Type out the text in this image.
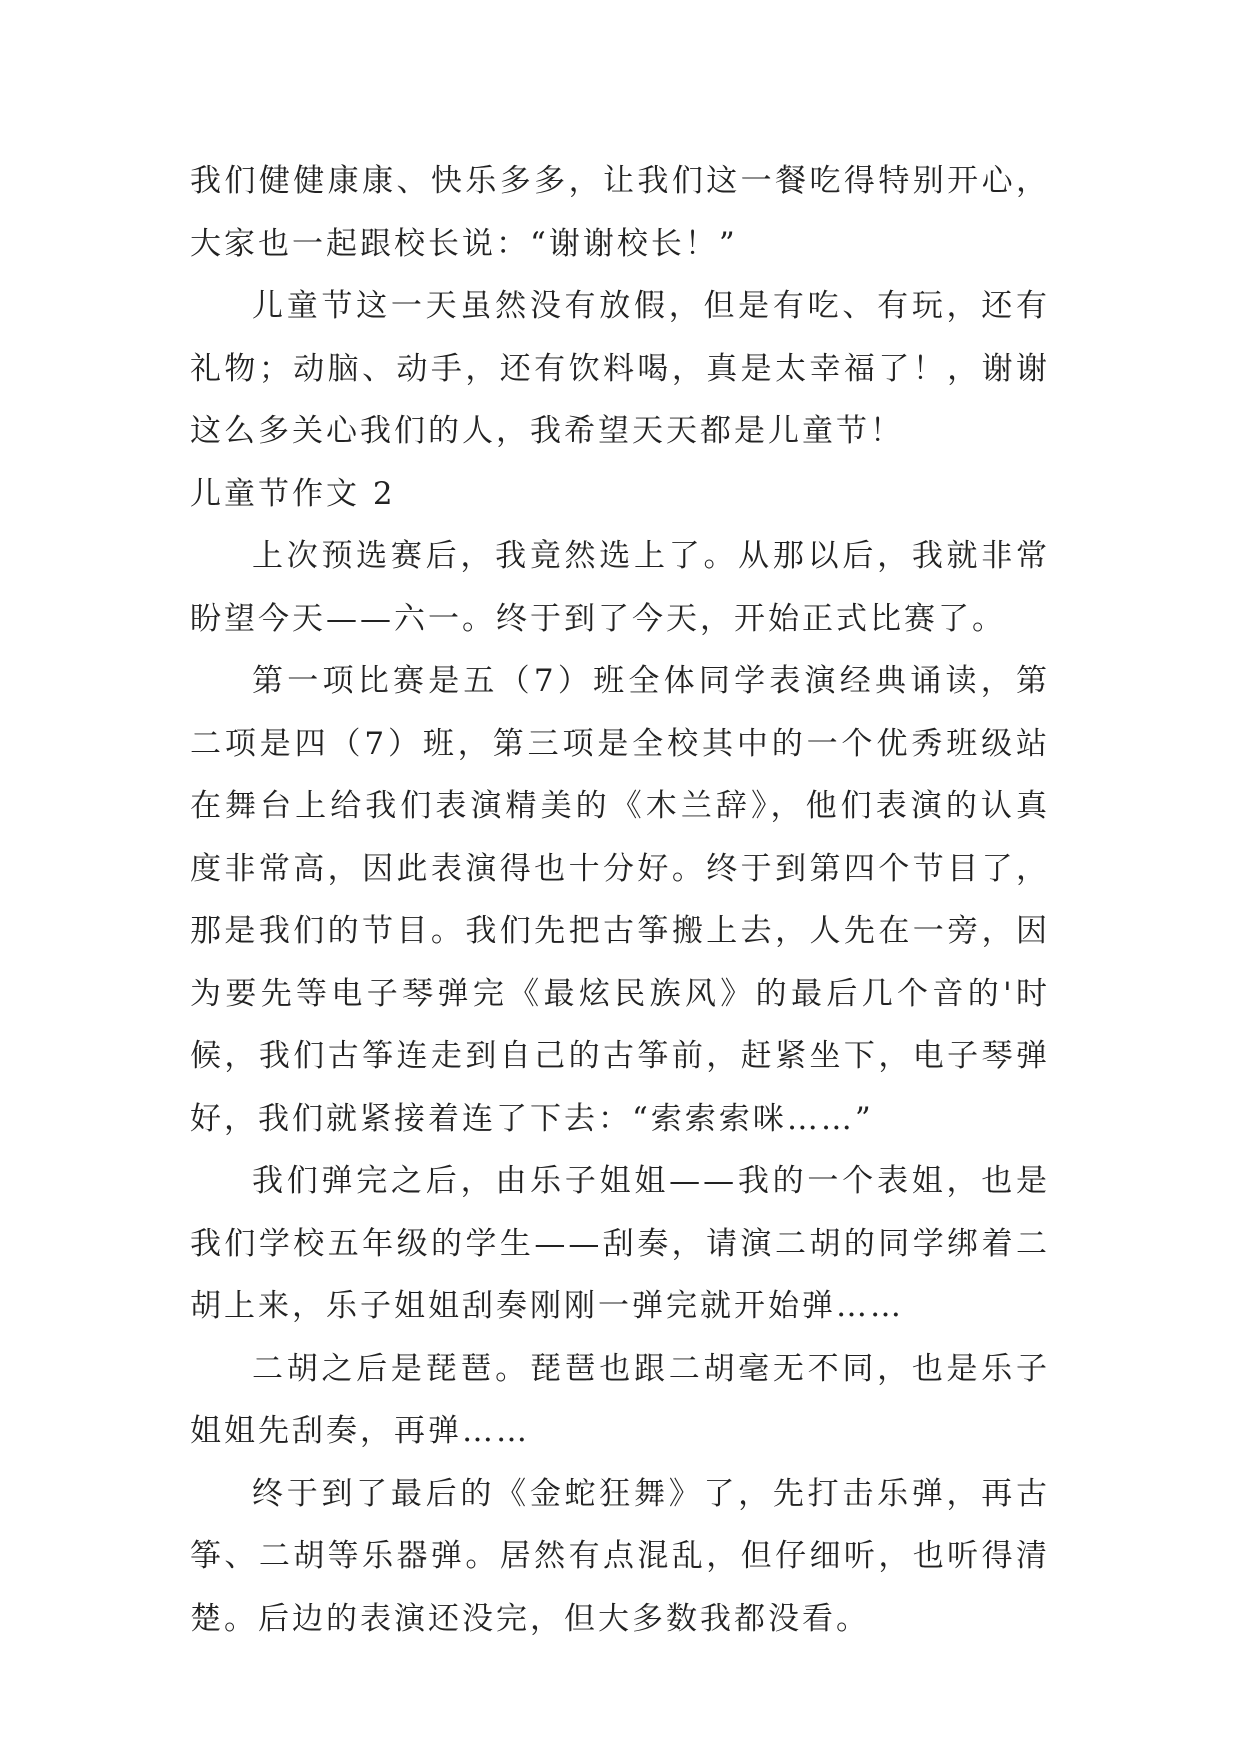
我们健健康康、快乐多多，让我们这一餐吃得特别开心，大家也一起跟校长说：“谢谢校长！”

儿童节这一天虽然没有放假，但是有吃、有玩，还有礼物；动脑、动手，还有饮料喝，真是太幸福了！，谢谢这么多关心我们的人，我希望天天都是儿童节！

儿童节作文 2

上次预选赛后，我竟然选上了。从那以后，我就非常盼望今天——六一。终于到了今天，开始正式比赛了。

第一项比赛是五（7）班全体同学表演经典诵读，第二项是四（7）班，第三项是全校其中的一个优秀班级站在舞台上给我们表演精美的《木兰辞》，他们表演的认真度非常高，因此表演得也十分好。终于到第四个节目了，那是我们的节目。我们先把古筝搬上去，人先在一旁，因为要先等电子琴弹完《最炫民族风》的最后几个音的'时候，我们古筝连走到自己的古筝前，赶紧坐下，电子琴弹好，我们就紧接着连了下去：“索索索咪……”

我们弹完之后，由乐子姐姐——我的一个表姐，也是我们学校五年级的学生——刮奏，请演二胡的同学绑着二胡上来，乐子姐姐刮奏刚刚一弹完就开始弹……

二胡之后是琵琶。琵琶也跟二胡毫无不同，也是乐子姐姐先刮奏，再弹……

终于到了最后的《金蛇狂舞》了，先打击乐弹，再古筝、二胡等乐器弹。居然有点混乱，但仔细听，也听得清楚。后边的表演还没完，但大多数我都没看。
